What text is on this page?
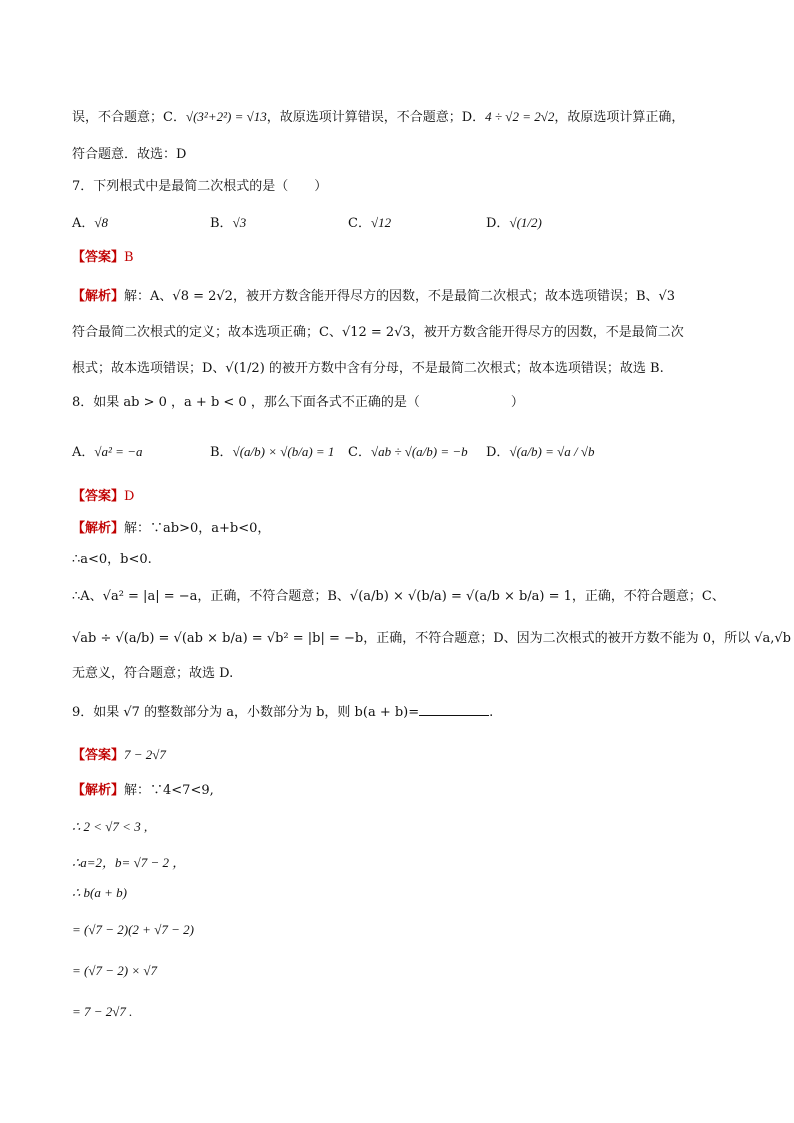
误，不合题意；C．√(3²+2²) = √13，故原选项计算错误，不合题意；D．4 ÷ √2 = 2√2，故原选项计算正确，
符合题意．故选：D
7．下列根式中是最简二次根式的是（　　）
A．√8	B．√3	C．√12	D．√(1/2)
【答案】B
【解析】解：A、√8 = 2√2，被开方数含能开得尽方的因数，不是最简二次根式；故本选项错误；B、√3
符合最简二次根式的定义；故本选项正确；C、√12 = 2√3，被开方数含能开得尽方的因数，不是最简二次
根式；故本选项错误；D、√(1/2) 的被开方数中含有分母，不是最简二次根式；故本选项错误；故选 B.
8．如果 ab > 0 ，a + b < 0 ，那么下面各式不正确的是（　　　　　　　）
A．√a² = −a	B．√(a/b) × √(b/a) = 1 C．√ab ÷ √(a/b) = −b D．√(a/b) = √a / √b
【答案】D
【解析】解：∵ab>0，a+b<0，
∴a<0，b<0.
∴A、√a² = |a| = −a，正确，不符合题意；B、√(a/b) × √(b/a) = √(a/b × b/a) = 1，正确，不符合题意；C、
√ab ÷ √(a/b) = √(ab × b/a) = √b² = |b| = −b，正确，不符合题意；D、因为二次根式的被开方数不能为 0，所以 √a,√b
无意义，符合题意；故选 D.
9．如果 √7 的整数部分为 a，小数部分为 b，则 b(a + b)=	.
【答案】7 − 2√7
【解析】解：∵4<7<9,
∴ 2 < √7 < 3 ,
∴a=2，b= √7 − 2 ，
∴ b(a + b)
= (√7 − 2)(2 + √7 − 2)
= (√7 − 2) × √7
= 7 − 2√7 .
